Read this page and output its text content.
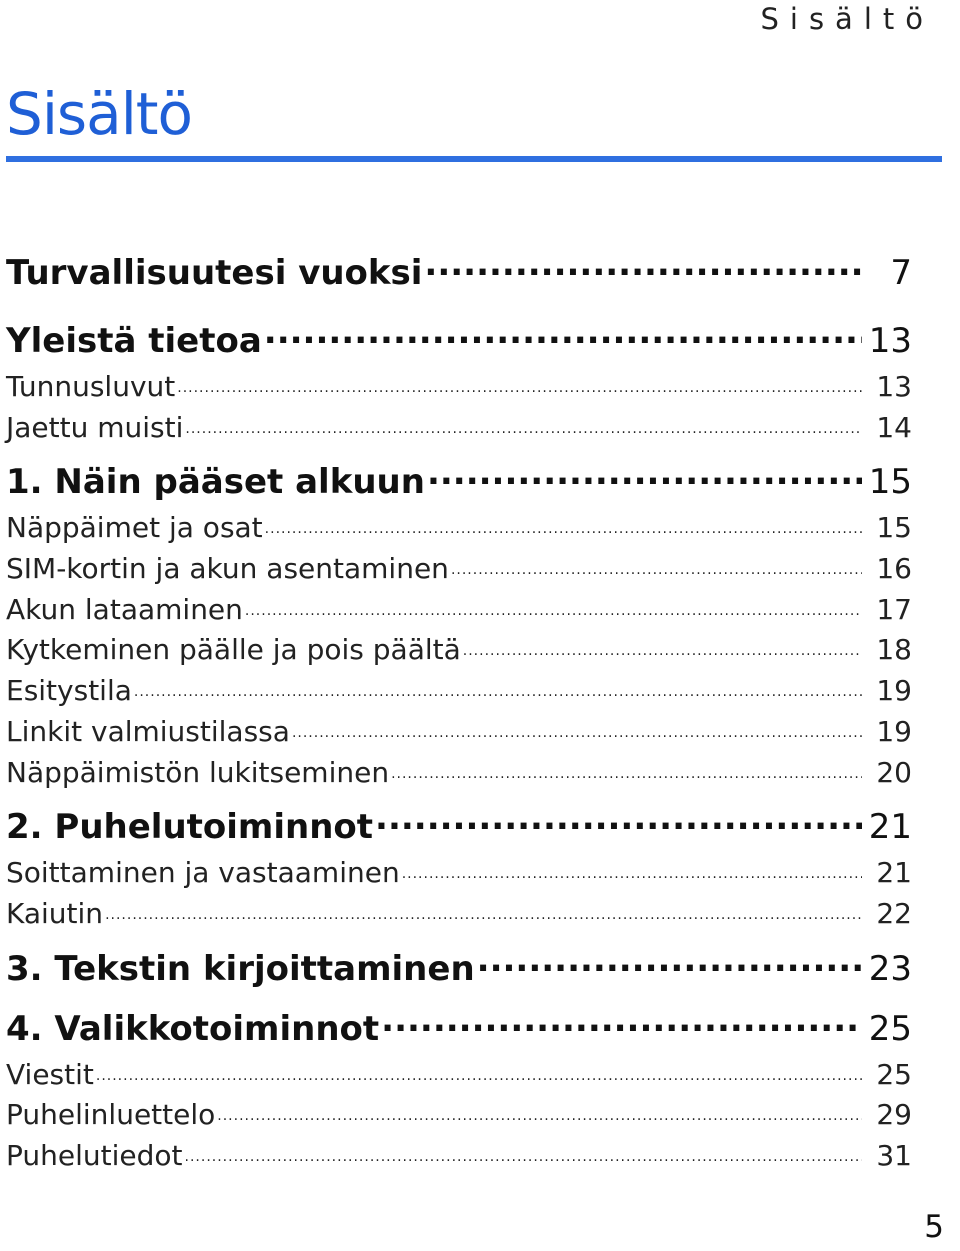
Sisältö
Sisältö
Turvallisuutesi vuoksi .....	7
Yleistä tietoa .....	13
Tunnusluvut .....	13
Jaettu muisti .....	14
1. Näin pääset alkuun .....	15
Näppäimet ja osat .....	15
SIM-kortin ja akun asentaminen .....	16
Akun lataaminen .....	17
Kytkeminen päälle ja pois päältä .....	18
Esitystila .....	19
Linkit valmiustilassa .....	19
Näppäimistön lukitseminen .....	20
2. Puhelutoiminnot .....	21
Soittaminen ja vastaaminen .....	21
Kaiutin .....	22
3. Tekstin kirjoittaminen .....	23
4. Valikkotoiminnot .....	25
Viestit .....	25
Puhelinluettelo .....	29
Puhelutiedot .....	31
5
